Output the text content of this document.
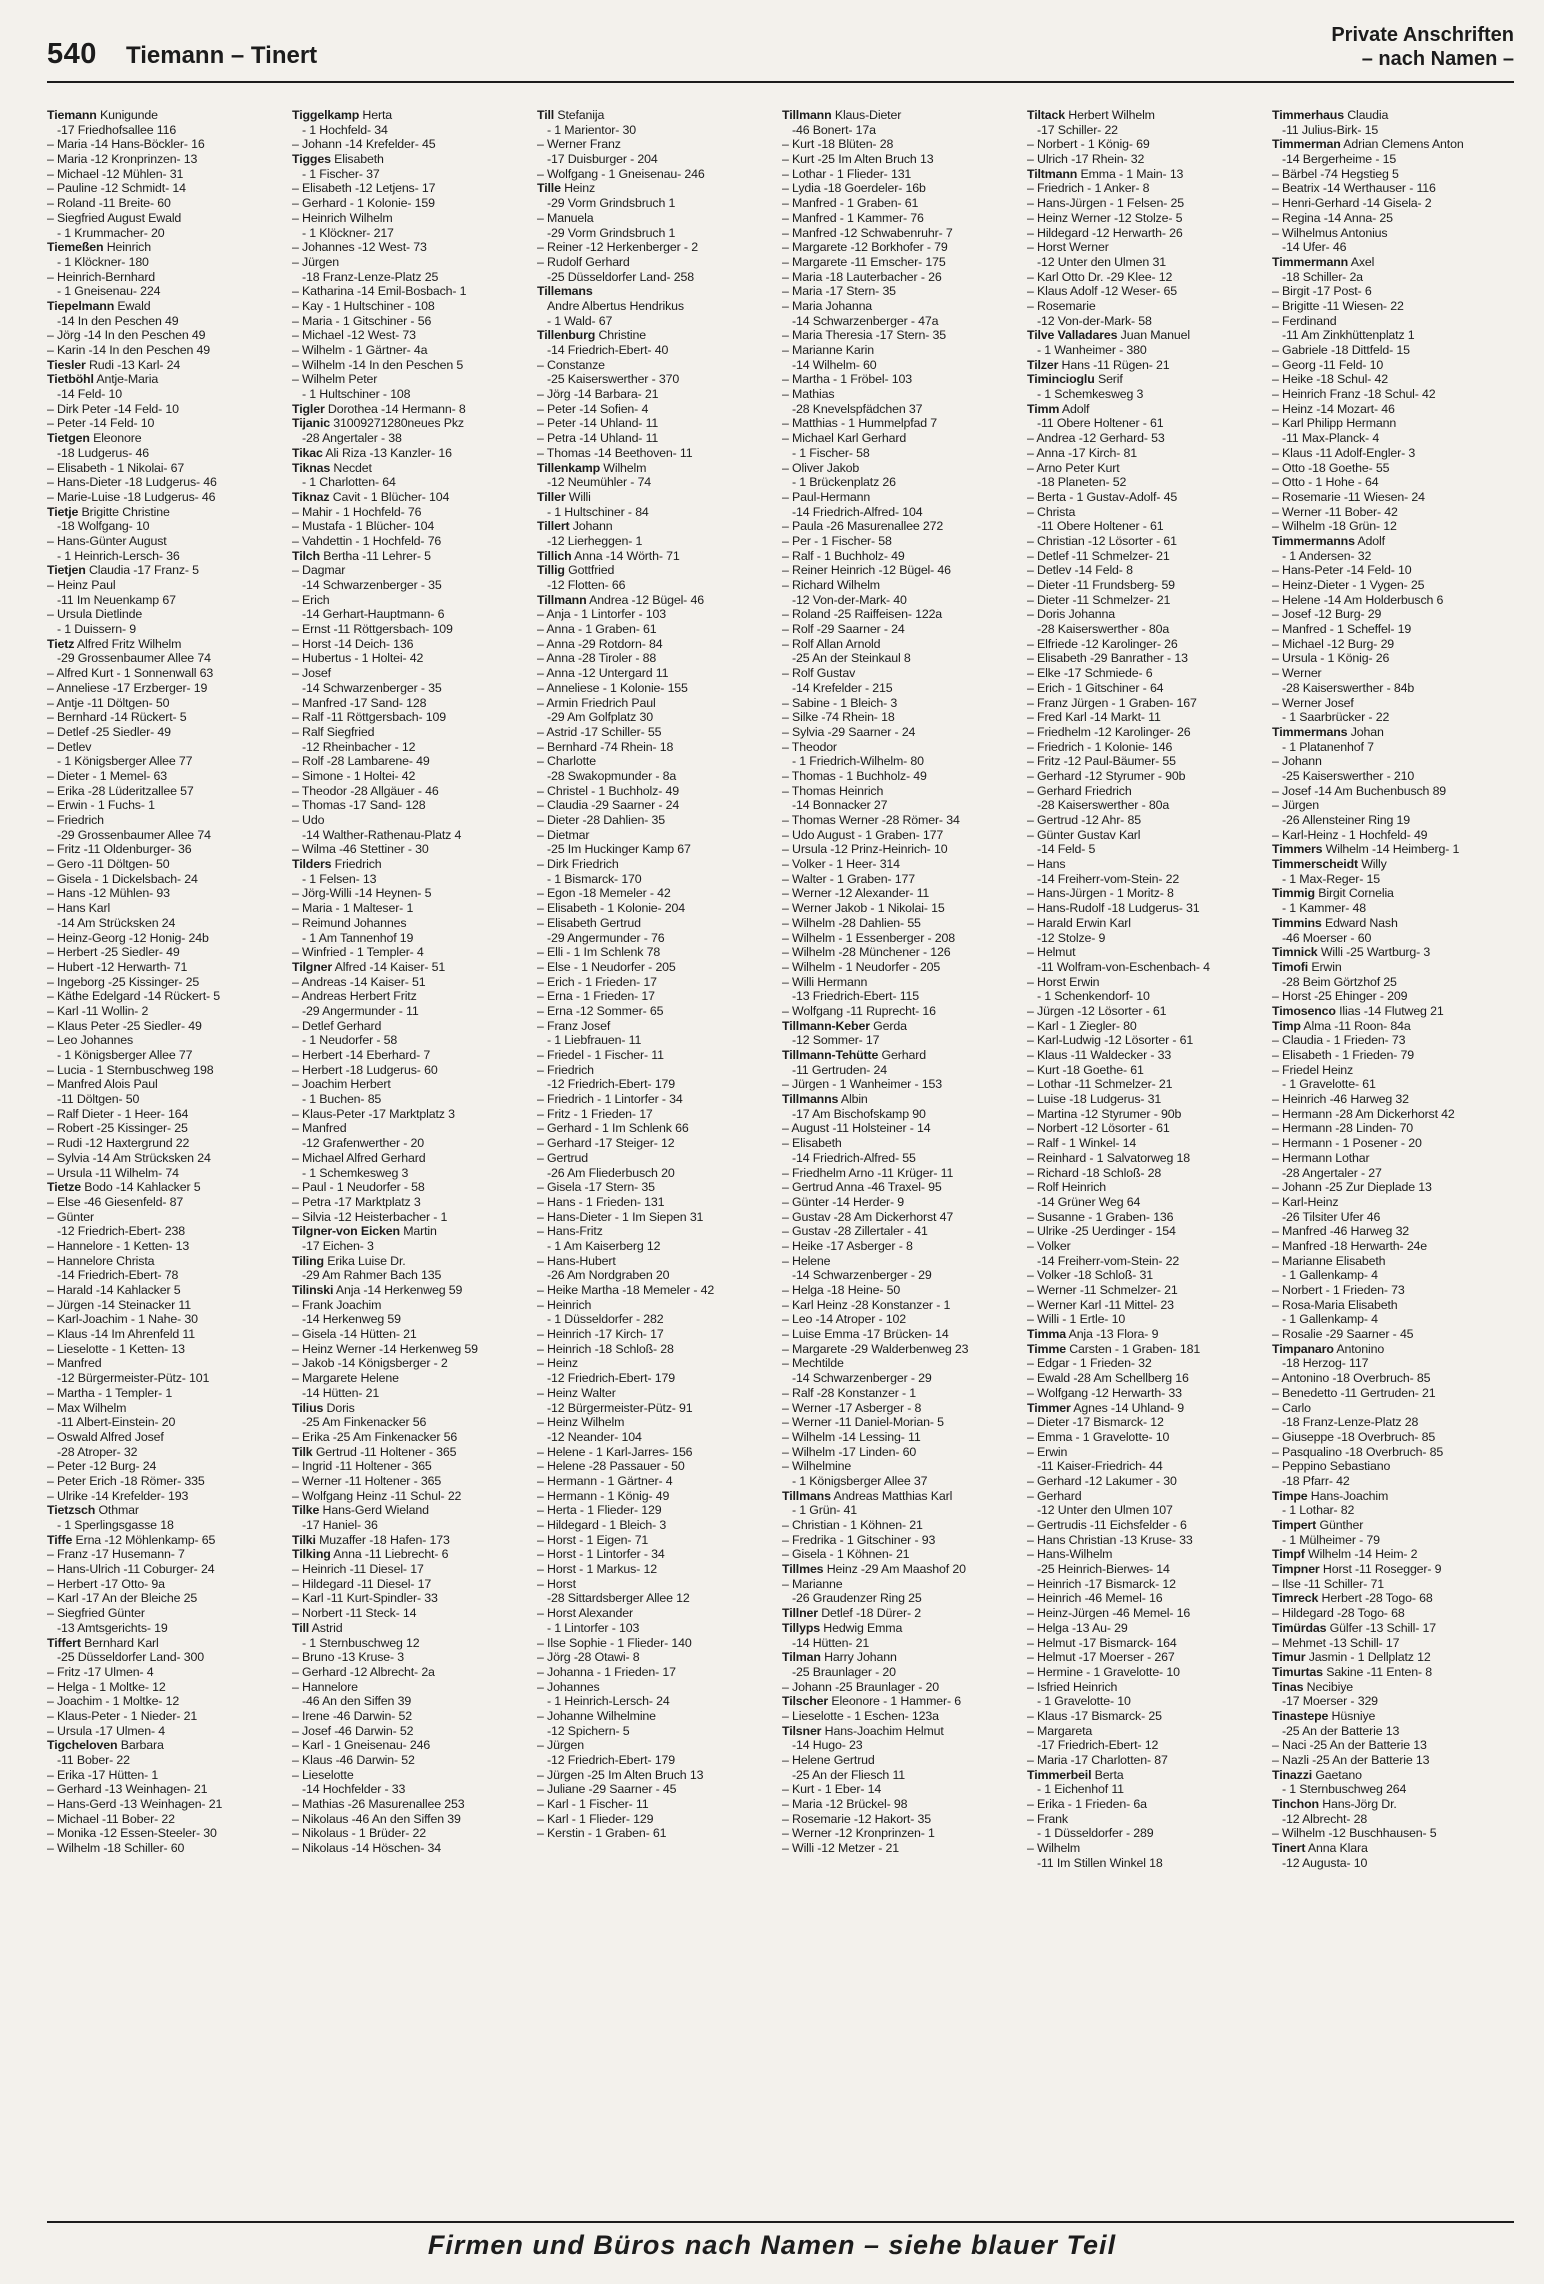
540 Tiemann – Tinert
Private Anschriften
– nach Namen –
Tiemann Kunigunde
-17 Friedhofsallee 116
– Maria -14 Hans-Böckler- 16
– Maria -12 Kronprinzen- 13
– Michael -12 Mühlen- 31
– Pauline -12 Schmidt- 14
– Roland -11 Breite- 60
– Siegfried August Ewald
- 1 Krummacher- 20
Tiemeßen Heinrich
- 1 Klöckner- 180
– Heinrich-Bernhard
- 1 Gneisenau- 224
Tiepelmann Ewald
-14 In den Peschen 49
– Jörg -14 In den Peschen 49
– Karin -14 In den Peschen 49
Tiesler Rudi -13 Karl- 24
Tietböhl Antje-Maria
-14 Feld- 10
– Dirk Peter -14 Feld- 10
– Peter -14 Feld- 10
Tietgen Eleonore
-18 Ludgerus- 46
– Elisabeth - 1 Nikolai- 67
– Hans-Dieter -18 Ludgerus- 46
– Marie-Luise -18 Ludgerus- 46
Tietje Brigitte Christine
-18 Wolfgang- 10
– Hans-Günter August
- 1 Heinrich-Lersch- 36
Tietjen Claudia -17 Franz- 5
– Heinz Paul
-11 Im Neuenkamp 67
– Ursula Dietlinde
- 1 Duissern- 9
Tietz Alfred Fritz Wilhelm
-29 Grossenbaumer Allee 74
– Alfred Kurt - 1 Sonnenwall 63
– Anneliese -17 Erzberger- 19
– Antje -11 Döltgen- 50
– Bernhard -14 Rückert- 5
– Detlef -25 Siedler- 49
– Detlev
- 1 Königsberger Allee 77
– Dieter - 1 Memel- 63
– Erika -28 Lüderitzallee 57
– Erwin - 1 Fuchs- 1
– Friedrich
-29 Grossenbaumer Allee 74
– Fritz -11 Oldenburger- 36
– Gero -11 Döltgen- 50
– Gisela - 1 Dickelsbach- 24
– Hans -12 Mühlen- 93
– Hans Karl
-14 Am Strücksken 24
– Heinz-Georg -12 Honig- 24b
– Herbert -25 Siedler- 49
– Hubert -12 Herwarth- 71
– Ingeborg -25 Kissinger- 25
– Käthe Edelgard -14 Rückert- 5
– Karl -11 Wollin- 2
– Klaus Peter -25 Siedler- 49
– Leo Johannes
- 1 Königsberger Allee 77
– Lucia - 1 Sternbuschweg 198
– Manfred Alois Paul
-11 Döltgen- 50
– Ralf Dieter - 1 Heer- 164
– Robert -25 Kissinger- 25
– Rudi -12 Haxtergrund 22
– Sylvia -14 Am Strücksken 24
– Ursula -11 Wilhelm- 74
Tietze Bodo -14 Kahlacker 5
– Else -46 Giesenfeld- 87
– Günter
-12 Friedrich-Ebert- 238
– Hannelore - 1 Ketten- 13
– Hannelore Christa
-14 Friedrich-Ebert- 78
– Harald -14 Kahlacker 5
– Jürgen -14 Steinacker 11
– Karl-Joachim - 1 Nahe- 30
– Klaus -14 Im Ahrenfeld 11
– Lieselotte - 1 Ketten- 13
– Manfred
-12 Bürgermeister-Pütz- 101
– Martha - 1 Templer- 1
– Max Wilhelm
-11 Albert-Einstein- 20
– Oswald Alfred Josef
-28 Atroper- 32
– Peter -12 Burg- 24
– Peter Erich -18 Römer- 335
– Ulrike -14 Krefelder- 193
Tietzsch Othmar
- 1 Sperlingsgasse 18
Tiffe Erna -12 Möhlenkamp- 65
– Franz -17 Husemann- 7
– Hans-Ulrich -11 Coburger- 24
– Herbert -17 Otto- 9a
– Karl -17 An der Bleiche 25
– Siegfried Günter
-13 Amtsgerichts- 19
Tiffert Bernhard Karl
-25 Düsseldorfer Land- 300
– Fritz -17 Ulmen- 4
– Helga - 1 Moltke- 12
– Joachim - 1 Moltke- 12
– Klaus-Peter - 1 Nieder- 21
– Ursula -17 Ulmen- 4
Tigcheloven Barbara
-11 Bober- 22
– Erika -17 Hütten- 1
– Gerhard -13 Weinhagen- 21
– Hans-Gerd -13 Weinhagen- 21
– Michael -11 Bober- 22
– Monika -12 Essen-Steeler- 30
– Wilhelm -18 Schiller- 60
Tiggelkamp Herta
- 1 Hochfeld- 34
– Johann -14 Krefelder- 45
Tigges Elisabeth
- 1 Fischer- 37
– Elisabeth -12 Letjens- 17
– Gerhard - 1 Kolonie- 159
– Heinrich Wilhelm
- 1 Klöckner- 217
– Johannes -12 West- 73
– Jürgen
-18 Franz-Lenze-Platz 25
– Katharina -14 Emil-Bosbach- 1
– Kay - 1 Hultschiner - 108
– Maria - 1 Gitschiner - 56
– Michael -12 West- 73
– Wilhelm - 1 Gärtner- 4a
– Wilhelm -14 In den Peschen 5
– Wilhelm Peter
- 1 Hultschiner - 108
Tigler Dorothea -14 Hermann- 8
Tijanic 31009271280neues Pkz
-28 Angertaler - 38
Tikac Ali Riza -13 Kanzler- 16
Tiknas Necdet
- 1 Charlotten- 64
Tiknaz Cavit - 1 Blücher- 104
– Mahir - 1 Hochfeld- 76
– Mustafa - 1 Blücher- 104
– Vahdettin - 1 Hochfeld- 76
Tilch Bertha -11 Lehrer- 5
– Dagmar
-14 Schwarzenberger - 35
– Erich
-14 Gerhart-Hauptmann- 6
– Ernst -11 Röttgersbach- 109
– Horst -14 Deich- 136
– Hubertus - 1 Holtei- 42
– Josef
-14 Schwarzenberger - 35
– Manfred -17 Sand- 128
– Ralf -11 Röttgersbach- 109
– Ralf Siegfried
-12 Rheinbacher - 12
– Rolf -28 Lambarene- 49
– Simone - 1 Holtei- 42
– Theodor -28 Allgäuer - 46
– Thomas -17 Sand- 128
– Udo
-14 Walther-Rathenau-Platz 4
– Wilma -46 Stettiner - 30
Tilders Friedrich
- 1 Felsen- 13
– Jörg-Willi -14 Heynen- 5
– Maria - 1 Malteser- 1
– Reimund Johannes
- 1 Am Tannenhof 19
– Winfried - 1 Templer- 4
Tilgner Alfred -14 Kaiser- 51
– Andreas -14 Kaiser- 51
– Andreas Herbert Fritz
-29 Angermunder - 11
– Detlef Gerhard
- 1 Neudorfer - 58
– Herbert -14 Eberhard- 7
– Herbert -18 Ludgerus- 60
– Joachim Herbert
- 1 Buchen- 85
– Klaus-Peter -17 Marktplatz 3
– Manfred
-12 Grafenwerther - 20
– Michael Alfred Gerhard
- 1 Schemkesweg 3
– Paul - 1 Neudorfer - 58
– Petra -17 Marktplatz 3
– Silvia -12 Heisterbacher - 1
Tilgner-von Eicken Martin
-17 Eichen- 3
Tiling Erika Luise Dr.
-29 Am Rahmer Bach 135
Tilinski Anja -14 Herkenweg 59
– Frank Joachim
-14 Herkenweg 59
– Gisela -14 Hütten- 21
– Heinz Werner -14 Herkenweg 59
– Jakob -14 Königsberger - 2
– Margarete Helene
-14 Hütten- 21
Tilius Doris
-25 Am Finkenacker 56
– Erika -25 Am Finkenacker 56
Tilk Gertrud -11 Holtener - 365
– Ingrid -11 Holtener - 365
– Werner -11 Holtener - 365
– Wolfgang Heinz -11 Schul- 22
Tilke Hans-Gerd Wieland
-17 Haniel- 36
Tilki Muzaffer -18 Hafen- 173
Tilking Anna -11 Liebrecht- 6
– Heinrich -11 Diesel- 17
– Hildegard -11 Diesel- 17
– Karl -11 Kurt-Spindler- 33
– Norbert -11 Steck- 14
Till Astrid
- 1 Sternbuschweg 12
– Bruno -13 Kruse- 3
– Gerhard -12 Albrecht- 2a
– Hannelore
-46 An den Siffen 39
– Irene -46 Darwin- 52
– Josef -46 Darwin- 52
– Karl - 1 Gneisenau- 246
– Klaus -46 Darwin- 52
– Lieselotte
-14 Hochfelder - 33
– Mathias -26 Masurenallee 253
– Nikolaus -46 An den Siffen 39
– Nikolaus - 1 Brüder- 22
– Nikolaus -14 Höschen- 34
Till Stefanija
- 1 Marientor- 30
– Werner Franz
-17 Duisburger - 204
– Wolfgang - 1 Gneisenau- 246
Tille Heinz
-29 Vorm Grindsbruch 1
– Manuela
-29 Vorm Grindsbruch 1
– Reiner -12 Herkenberger - 2
– Rudolf Gerhard
-25 Düsseldorfer Land- 258
Tillemans
Andre Albertus Hendrikus
- 1 Wald- 67
Tillenburg Christine
-14 Friedrich-Ebert- 40
– Constanze
-25 Kaiserswerther - 370
– Jörg -14 Barbara- 21
– Peter -14 Sofien- 4
– Peter -14 Uhland- 11
– Petra -14 Uhland- 11
– Thomas -14 Beethoven- 11
Tillenkamp Wilhelm
-12 Neumühler - 74
Tiller Willi
- 1 Hultschiner - 84
Tillert Johann
-12 Lierheggen- 1
Tillich Anna -14 Wörth- 71
Tillig Gottfried
-12 Flotten- 66
Tillmann Andrea -12 Bügel- 46
– Anja - 1 Lintorfer - 103
– Anna - 1 Graben- 61
– Anna -29 Rotdorn- 84
– Anna -28 Tiroler - 88
– Anna -12 Untergard 11
– Anneliese - 1 Kolonie- 155
– Armin Friedrich Paul
-29 Am Golfplatz 30
– Astrid -17 Schiller- 55
– Bernhard -74 Rhein- 18
– Charlotte
-28 Swakopmunder - 8a
– Christel - 1 Buchholz- 49
– Claudia -29 Saarner - 24
– Dieter -28 Dahlien- 35
– Dietmar
-25 Im Huckinger Kamp 67
– Dirk Friedrich
- 1 Bismarck- 170
– Egon -18 Memeler - 42
– Elisabeth - 1 Kolonie- 204
– Elisabeth Gertrud
-29 Angermunder - 76
– Elli - 1 Im Schlenk 78
– Else - 1 Neudorfer - 205
– Erich - 1 Frieden- 17
– Erna - 1 Frieden- 17
– Erna -12 Sommer- 65
– Franz Josef
- 1 Liebfrauen- 11
– Friedel - 1 Fischer- 11
– Friedrich
-12 Friedrich-Ebert- 179
– Friedrich - 1 Lintorfer - 34
– Fritz - 1 Frieden- 17
– Gerhard - 1 Im Schlenk 66
– Gerhard -17 Steiger- 12
– Gertrud
-26 Am Fliederbusch 20
– Gisela -17 Stern- 35
– Hans - 1 Frieden- 131
– Hans-Dieter - 1 Im Siepen 31
– Hans-Fritz
- 1 Am Kaiserberg 12
– Hans-Hubert
-26 Am Nordgraben 20
– Heike Martha -18 Memeler - 42
– Heinrich
- 1 Düsseldorfer - 282
– Heinrich -17 Kirch- 17
– Heinrich -18 Schloß- 28
– Heinz
-12 Friedrich-Ebert- 179
– Heinz Walter
-12 Bürgermeister-Pütz- 91
– Heinz Wilhelm
-12 Neander- 104
– Helene - 1 Karl-Jarres- 156
– Helene -28 Passauer - 50
– Hermann - 1 Gärtner- 4
– Hermann - 1 König- 49
– Herta - 1 Flieder- 129
– Hildegard - 1 Bleich- 3
– Horst - 1 Eigen- 71
– Horst - 1 Lintorfer - 34
– Horst - 1 Markus- 12
– Horst
-28 Sittardsberger Allee 12
– Horst Alexander
- 1 Lintorfer - 103
– Ilse Sophie - 1 Flieder- 140
– Jörg -28 Otawi- 8
– Johanna - 1 Frieden- 17
– Johannes
- 1 Heinrich-Lersch- 24
– Johanne Wilhelmine
-12 Spichern- 5
– Jürgen
-12 Friedrich-Ebert- 179
– Jürgen -25 Im Alten Bruch 13
– Juliane -29 Saarner - 45
– Karl - 1 Fischer- 11
– Karl - 1 Flieder- 129
– Kerstin - 1 Graben- 61
Tillmann Klaus-Dieter
-46 Bonert- 17a
– Kurt -18 Blüten- 28
– Kurt -25 Im Alten Bruch 13
– Lothar - 1 Flieder- 131
– Lydia -18 Goerdeler- 16b
– Manfred - 1 Graben- 61
– Manfred - 1 Kammer- 76
– Manfred -12 Schwabenruhr- 7
– Margarete -12 Borkhofer - 79
– Margarete -11 Emscher- 175
– Maria -18 Lauterbacher - 26
– Maria -17 Stern- 35
– Maria Johanna
-14 Schwarzenberger - 47a
– Maria Theresia -17 Stern- 35
– Marianne Karin
-14 Wilhelm- 60
– Martha - 1 Fröbel- 103
– Mathias
-28 Knevelspfädchen 37
– Matthias - 1 Hummelpfad 7
– Michael Karl Gerhard
- 1 Fischer- 58
– Oliver Jakob
- 1 Brückenplatz 26
– Paul-Hermann
-14 Friedrich-Alfred- 104
– Paula -26 Masurenallee 272
– Per - 1 Fischer- 58
– Ralf - 1 Buchholz- 49
– Reiner Heinrich -12 Bügel- 46
– Richard Wilhelm
-12 Von-der-Mark- 40
– Roland -25 Raiffeisen- 122a
– Rolf -29 Saarner - 24
– Rolf Allan Arnold
-25 An der Steinkaul 8
– Rolf Gustav
-14 Krefelder - 215
– Sabine - 1 Bleich- 3
– Silke -74 Rhein- 18
– Sylvia -29 Saarner - 24
– Theodor
- 1 Friedrich-Wilhelm- 80
– Thomas - 1 Buchholz- 49
– Thomas Heinrich
-14 Bonnacker 27
– Thomas Werner -28 Römer- 34
– Udo August - 1 Graben- 177
– Ursula -12 Prinz-Heinrich- 10
– Volker - 1 Heer- 314
– Walter - 1 Graben- 177
– Werner -12 Alexander- 11
– Werner Jakob - 1 Nikolai- 15
– Wilhelm -28 Dahlien- 55
– Wilhelm - 1 Essenberger - 208
– Wilhelm -28 Münchener - 126
– Wilhelm - 1 Neudorfer - 205
– Willi Hermann
-13 Friedrich-Ebert- 115
– Wolfgang -11 Ruprecht- 16
Tillmann-Keber Gerda
-12 Sommer- 17
Tillmann-Tehütte Gerhard
-11 Gertruden- 24
– Jürgen - 1 Wanheimer - 153
Tillmanns Albin
-17 Am Bischofskamp 90
– August -11 Holsteiner - 14
– Elisabeth
-14 Friedrich-Alfred- 55
– Friedhelm Arno -11 Krüger- 11
– Gertrud Anna -46 Traxel- 95
– Günter -14 Herder- 9
– Gustav -28 Am Dickerhorst 47
– Gustav -28 Zillertaler - 41
– Heike -17 Asberger - 8
– Helene
-14 Schwarzenberger - 29
– Helga -18 Heine- 50
– Karl Heinz -28 Konstanzer - 1
– Leo -14 Atroper - 102
– Luise Emma -17 Brücken- 14
– Margarete -29 Walderbenweg 23
– Mechtilde
-14 Schwarzenberger - 29
– Ralf -28 Konstanzer - 1
– Werner -17 Asberger - 8
– Werner -11 Daniel-Morian- 5
– Wilhelm -14 Lessing- 11
– Wilhelm -17 Linden- 60
– Wilhelmine
- 1 Königsberger Allee 37
Tillmans Andreas Matthias Karl
- 1 Grün- 41
– Christian - 1 Köhnen- 21
– Fredrika - 1 Gitschiner - 93
– Gisela - 1 Köhnen- 21
Tillmes Heinz -29 Am Maashof 20
– Marianne
-26 Graudenzer Ring 25
Tillner Detlef -18 Dürer- 2
Tillyps Hedwig Emma
-14 Hütten- 21
Tilman Harry Johann
-25 Braunlager - 20
– Johann -25 Braunlager - 20
Tilscher Eleonore - 1 Hammer- 6
– Lieselotte - 1 Eschen- 123a
Tilsner Hans-Joachim Helmut
-14 Hugo- 23
– Helene Gertrud
-25 An der Fliesch 11
– Kurt - 1 Eber- 14
– Maria -12 Brückel- 98
– Rosemarie -12 Hakort- 35
– Werner -12 Kronprinzen- 1
– Willi -12 Metzer - 21
Tiltack Herbert Wilhelm
-17 Schiller- 22
– Norbert - 1 König- 69
– Ulrich -17 Rhein- 32
Tiltmann Emma - 1 Main- 13
– Friedrich - 1 Anker- 8
– Hans-Jürgen - 1 Felsen- 25
– Heinz Werner -12 Stolze- 5
– Hildegard -12 Herwarth- 26
– Horst Werner
-12 Unter den Ulmen 31
– Karl Otto Dr. -29 Klee- 12
– Klaus Adolf -12 Weser- 65
– Rosemarie
-12 Von-der-Mark- 58
Tilve Valladares Juan Manuel
- 1 Wanheimer - 380
Tilzer Hans -11 Rügen- 21
Timincioglu Serif
- 1 Schemkesweg 3
Timm Adolf
-11 Obere Holtener - 61
– Andrea -12 Gerhard- 53
– Anna -17 Kirch- 81
– Arno Peter Kurt
-18 Planeten- 52
– Berta - 1 Gustav-Adolf- 45
– Christa
-11 Obere Holtener - 61
– Christian -12 Lösorter - 61
– Detlef -11 Schmelzer- 21
– Detlev -14 Feld- 8
– Dieter -11 Frundsberg- 59
– Dieter -11 Schmelzer- 21
– Doris Johanna
-28 Kaiserswerther - 80a
– Elfriede -12 Karolinger- 26
– Elisabeth -29 Banrather - 13
– Elke -17 Schmiede- 6
– Erich - 1 Gitschiner - 64
– Franz Jürgen - 1 Graben- 167
– Fred Karl -14 Markt- 11
– Friedhelm -12 Karolinger- 26
– Friedrich - 1 Kolonie- 146
– Fritz -12 Paul-Bäumer- 55
– Gerhard -12 Styrumer - 90b
– Gerhard Friedrich
-28 Kaiserswerther - 80a
– Gertrud -12 Ahr- 85
– Günter Gustav Karl
-14 Feld- 5
– Hans
-14 Freiherr-vom-Stein- 22
– Hans-Jürgen - 1 Moritz- 8
– Hans-Rudolf -18 Ludgerus- 31
– Harald Erwin Karl
-12 Stolze- 9
– Helmut
-11 Wolfram-von-Eschenbach- 4
– Horst Erwin
- 1 Schenkendorf- 10
– Jürgen -12 Lösorter - 61
– Karl - 1 Ziegler- 80
– Karl-Ludwig -12 Lösorter - 61
– Klaus -11 Waldecker - 33
– Kurt -18 Goethe- 61
– Lothar -11 Schmelzer- 21
– Luise -18 Ludgerus- 31
– Martina -12 Styrumer - 90b
– Norbert -12 Lösorter - 61
– Ralf - 1 Winkel- 14
– Reinhard - 1 Salvatorweg 18
– Richard -18 Schloß- 28
– Rolf Heinrich
-14 Grüner Weg 64
– Susanne - 1 Graben- 136
– Ulrike -25 Uerdinger - 154
– Volker
-14 Freiherr-vom-Stein- 22
– Volker -18 Schloß- 31
– Werner -11 Schmelzer- 21
– Werner Karl -11 Mittel- 23
– Willi - 1 Ertle- 10
Timma Anja -13 Flora- 9
Timme Carsten - 1 Graben- 181
– Edgar - 1 Frieden- 32
– Ewald -28 Am Schellberg 16
– Wolfgang -12 Herwarth- 33
Timmer Agnes -14 Uhland- 9
– Dieter -17 Bismarck- 12
– Emma - 1 Gravelotte- 10
– Erwin
-11 Kaiser-Friedrich- 44
– Gerhard -12 Lakumer - 30
– Gerhard
-12 Unter den Ulmen 107
– Gertrudis -11 Eichsfelder - 6
– Hans Christian -13 Kruse- 33
– Hans-Wilhelm
-25 Heinrich-Bierwes- 14
– Heinrich -17 Bismarck- 12
– Heinrich -46 Memel- 16
– Heinz-Jürgen -46 Memel- 16
– Helga -13 Au- 29
– Helmut -17 Bismarck- 164
– Helmut -17 Moerser - 267
– Hermine - 1 Gravelotte- 10
– Isfried Heinrich
- 1 Gravelotte- 10
– Klaus -17 Bismarck- 25
– Margareta
-17 Friedrich-Ebert- 12
– Maria -17 Charlotten- 87
Timmerbeil Berta
- 1 Eichenhof 11
– Erika - 1 Frieden- 6a
– Frank
- 1 Düsseldorfer - 289
– Wilhelm
-11 Im Stillen Winkel 18
Timmerhaus Claudia
-11 Julius-Birk- 15
Timmerman Adrian Clemens Anton
-14 Bergerheime - 15
– Bärbel -74 Hegstieg 5
– Beatrix -14 Werthauser - 116
– Henri-Gerhard -14 Gisela- 2
– Regina -14 Anna- 25
– Wilhelmus Antonius
-14 Ufer- 46
Timmermann Axel
-18 Schiller- 2a
– Birgit -17 Post- 6
– Brigitte -11 Wiesen- 22
– Ferdinand
-11 Am Zinkhüttenplatz 1
– Gabriele -18 Dittfeld- 15
– Georg -11 Feld- 10
– Heike -18 Schul- 42
– Heinrich Franz -18 Schul- 42
– Heinz -14 Mozart- 46
– Karl Philipp Hermann
-11 Max-Planck- 4
– Klaus -11 Adolf-Engler- 3
– Otto -18 Goethe- 55
– Otto - 1 Hohe - 64
– Rosemarie -11 Wiesen- 24
– Werner -11 Bober- 42
– Wilhelm -18 Grün- 12
Timmermanns Adolf
- 1 Andersen- 32
– Hans-Peter -14 Feld- 10
– Heinz-Dieter - 1 Vygen- 25
– Helene -14 Am Holderbusch 6
– Josef -12 Burg- 29
– Manfred - 1 Scheffel- 19
– Michael -12 Burg- 29
– Ursula - 1 König- 26
– Werner
-28 Kaiserswerther - 84b
– Werner Josef
- 1 Saarbrücker - 22
Timmermans Johan
- 1 Platanenhof 7
– Johann
-25 Kaiserswerther - 210
– Josef -14 Am Buchenbusch 89
– Jürgen
-26 Allensteiner Ring 19
– Karl-Heinz - 1 Hochfeld- 49
Timmers Wilhelm -14 Heimberg- 1
Timmerscheidt Willy
- 1 Max-Reger- 15
Timmig Birgit Cornelia
- 1 Kammer- 48
Timmins Edward Nash
-46 Moerser - 60
Timnick Willi -25 Wartburg- 3
Timofi Erwin
-28 Beim Görtzhof 25
– Horst -25 Ehinger - 209
Timosenco Ilias -14 Flutweg 21
Timp Alma -11 Roon- 84a
– Claudia - 1 Frieden- 73
– Elisabeth - 1 Frieden- 79
– Friedel Heinz
- 1 Gravelotte- 61
– Heinrich -46 Harweg 32
– Hermann -28 Am Dickerhorst 42
– Hermann -28 Linden- 70
– Hermann - 1 Posener - 20
– Hermann Lothar
-28 Angertaler - 27
– Johann -25 Zur Dieplade 13
– Karl-Heinz
-26 Tilsiter Ufer 46
– Manfred -46 Harweg 32
– Manfred -18 Herwarth- 24e
– Marianne Elisabeth
- 1 Gallenkamp- 4
– Norbert - 1 Frieden- 73
– Rosa-Maria Elisabeth
- 1 Gallenkamp- 4
– Rosalie -29 Saarner - 45
Timpanaro Antonino
-18 Herzog- 117
– Antonino -18 Overbruch- 85
– Benedetto -11 Gertruden- 21
– Carlo
-18 Franz-Lenze-Platz 28
– Giuseppe -18 Overbruch- 85
– Pasqualino -18 Overbruch- 85
– Peppino Sebastiano
-18 Pfarr- 42
Timpe Hans-Joachim
- 1 Lothar- 82
Timpert Günther
- 1 Mülheimer - 79
Timpf Wilhelm -14 Heim- 2
Timpner Horst -11 Rosegger- 9
– Ilse -11 Schiller- 71
Timreck Herbert -28 Togo- 68
– Hildegard -28 Togo- 68
Timürdas Gülfer -13 Schill- 17
– Mehmet -13 Schill- 17
Timur Jasmin - 1 Dellplatz 12
Timurtas Sakine -11 Enten- 8
Tinas Necibiye
-17 Moerser - 329
Tinastepe Hüsniye
-25 An der Batterie 13
– Naci -25 An der Batterie 13
– Nazli -25 An der Batterie 13
Tinazzi Gaetano
- 1 Sternbuschweg 264
Tinchon Hans-Jörg Dr.
-12 Albrecht- 28
– Wilhelm -12 Buschhausen- 5
Tinert Anna Klara
-12 Augusta- 10
Firmen und Büros nach Namen – siehe blauer Teil
